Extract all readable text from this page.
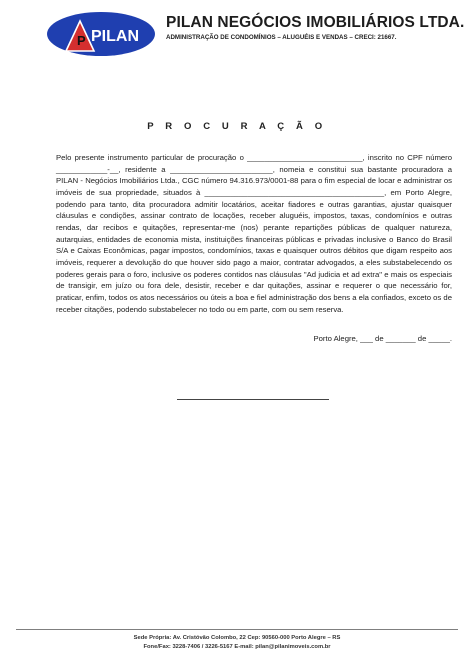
P PILAN
PILAN NEGÓCIOS IMOBILIÁRIOS LTDA.
ADMINISTRAÇÃO DE CONDOMÍNIOS – ALUGUÉIS E VENDAS – CRECI: 21667.
P R O C U R A Ç Ã O
Pelo presente instrumento particular de procuração o ___________________________, inscrito no CPF número ____________-__, residente a ________________________, nomeia e constitui sua bastante procuradora a PILAN - Negócios Imobiliários Ltda., CGC número 94.316.973/0001-88 para o fim especial de locar e administrar os imóveis de sua propriedade, situados à __________________________________________, em Porto Alegre, podendo para tanto, dita procuradora admitir locatários, aceitar fiadores e outras garantias, ajustar quaisquer cláusulas e condições, assinar contrato de locações, receber aluguéis, impostos, taxas, condomínios e outras rendas, dar recibos e quitações, representar-me (nos) perante repartições públicas de qualquer natureza, autarquias, entidades de economia mista, instituições financeiras públicas e privadas inclusive o Banco do Brasil S/A e Caixas Econômicas, pagar impostos, condomínios, taxas e quaisquer outros débitos que digam respeito aos imóveis, requerer a devolução do que houver sido pago a maior, contratar advogados, a eles substabelecendo os poderes gerais para o foro, inclusive os poderes contidos nas cláusulas "Ad judicia et ad extra" e mais os especiais de transigir, em juízo ou fora dele, desistir, receber e dar quitações, assinar e requerer o que necessário for, praticar, enfim, todos os atos necessários ou úteis a boa e fiel administração dos bens a ela confiados, exceto os de receber citações, podendo substabelecer no todo ou em parte, com ou sem reserva.
Porto Alegre, ___ de _______ de _____.
Sede Própria: Av. Cristóvão Colombo, 22 Cep: 90560-000 Porto Alegre – RS
Fone/Fax: 3228-7406 / 3226-5167 E-mail: pilan@pilanimoveis.com.br
